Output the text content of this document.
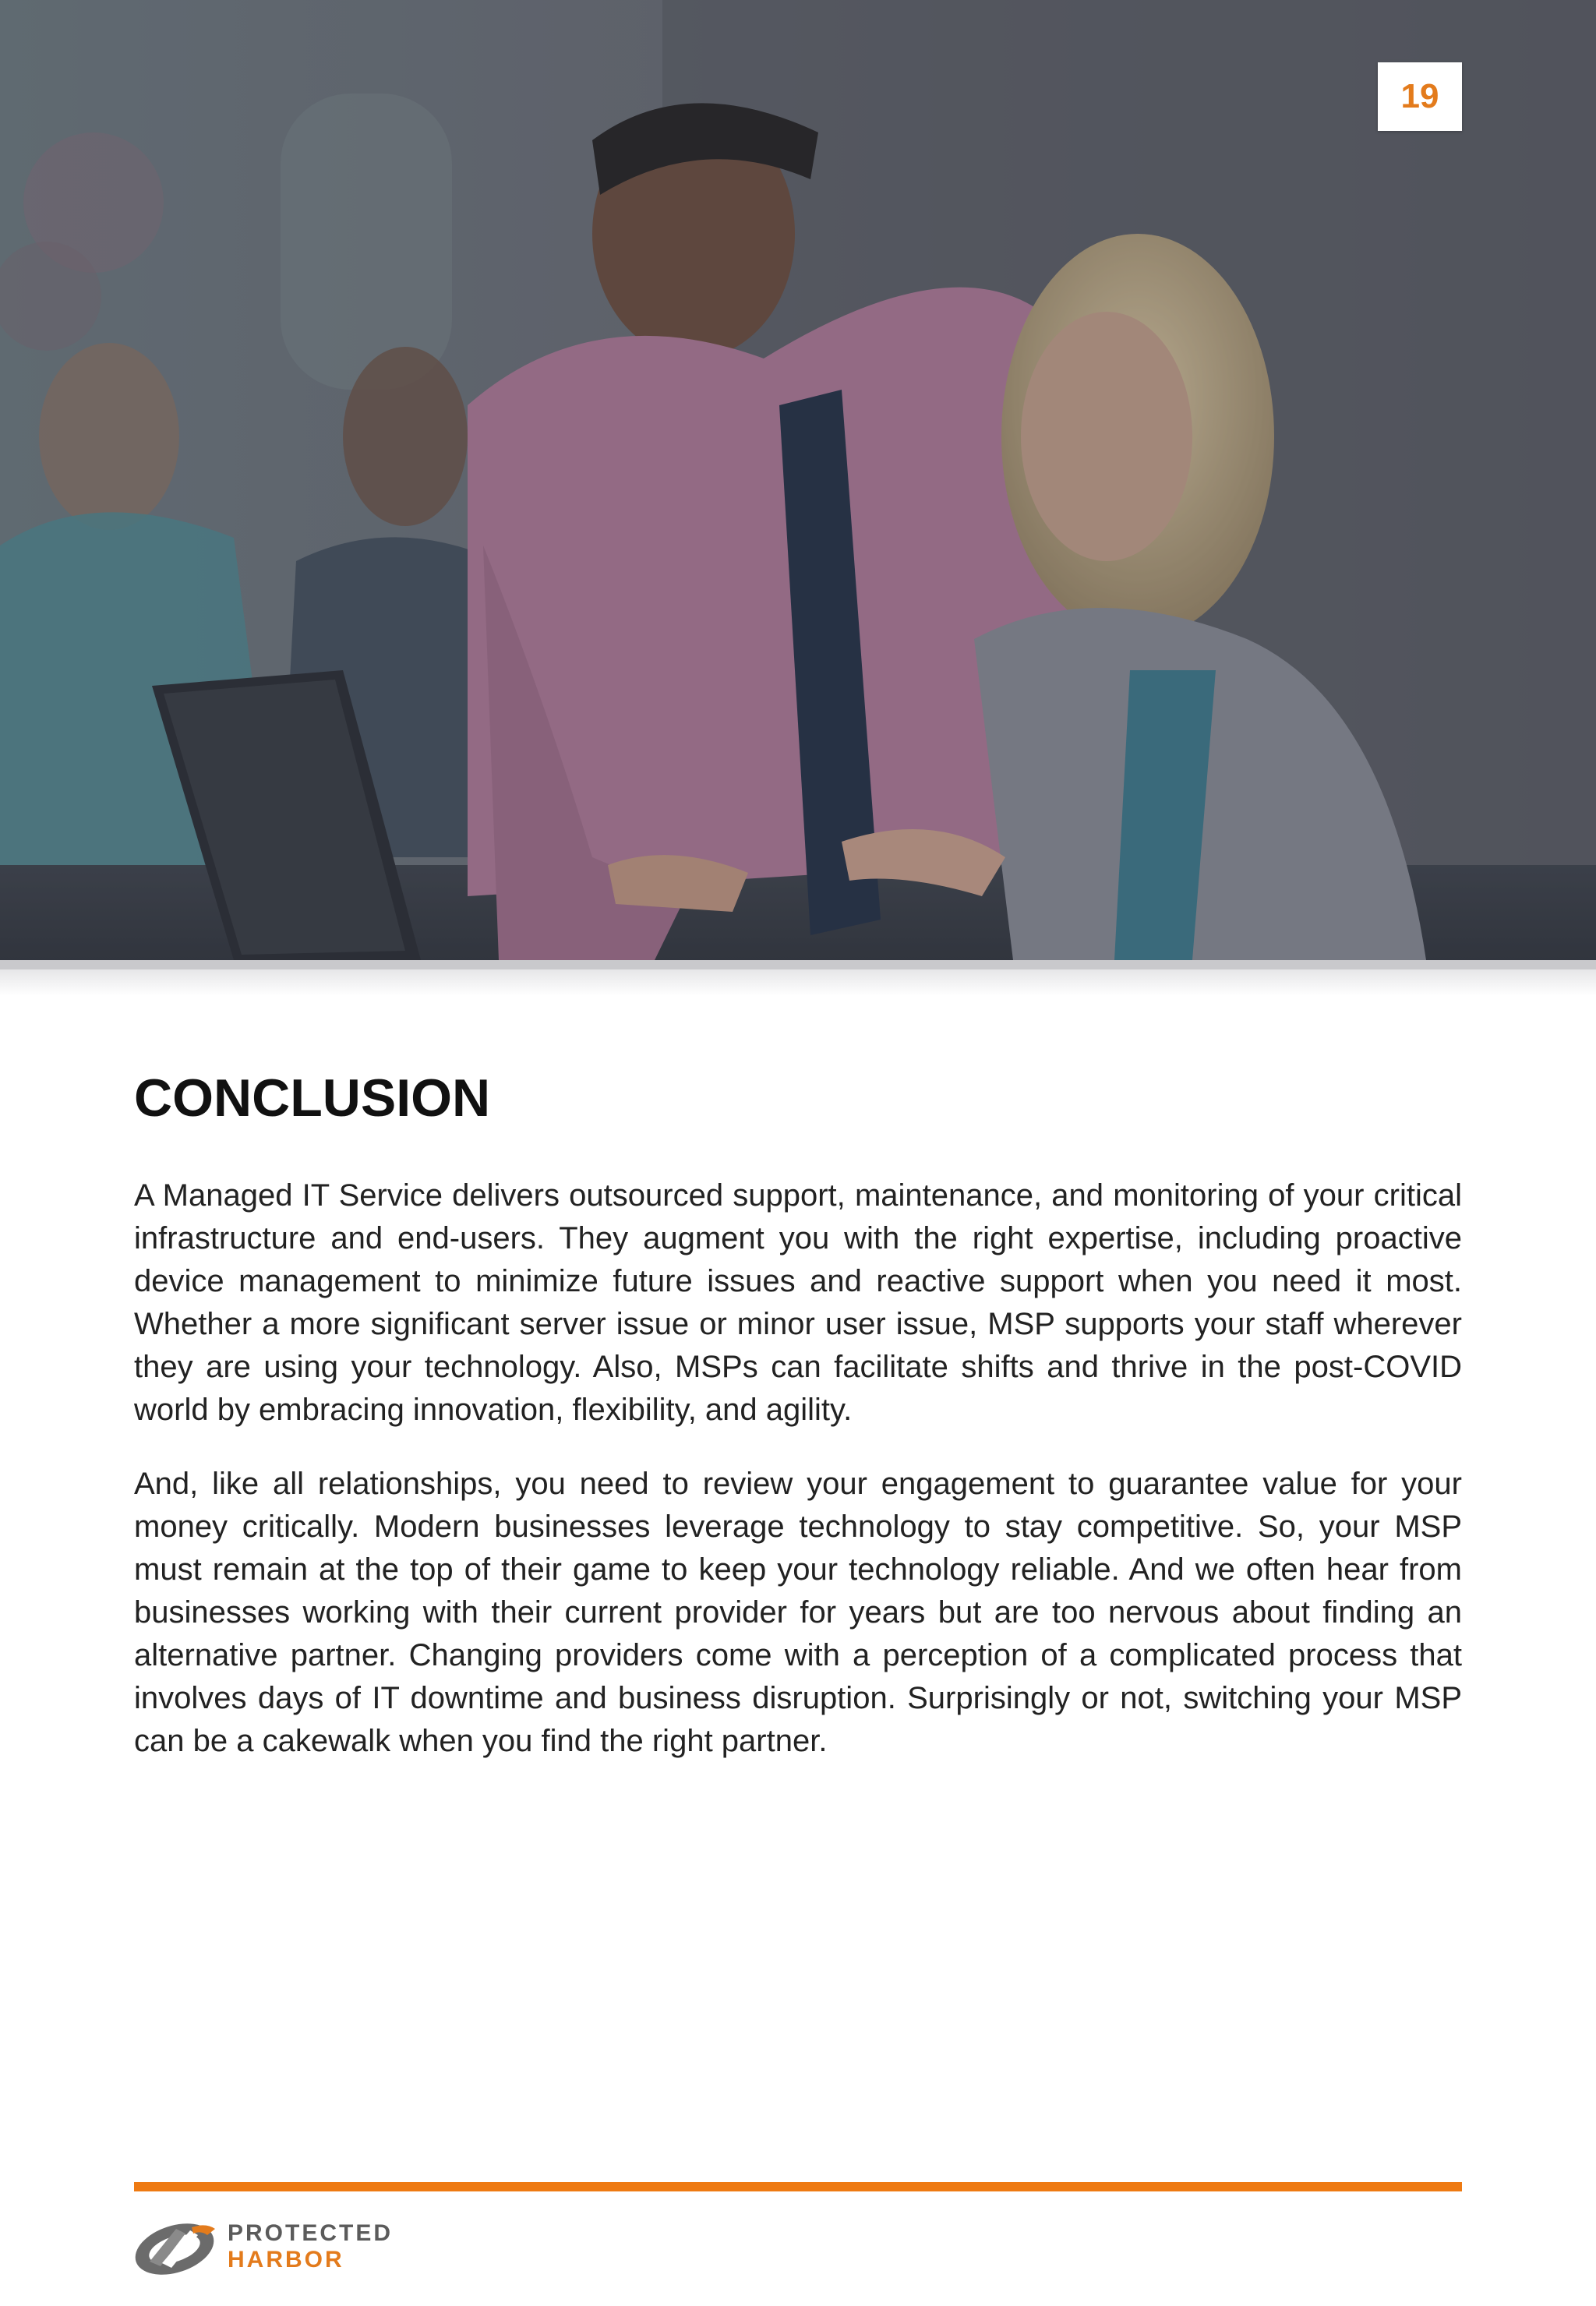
19
CONCLUSION

A Managed IT Service delivers outsourced support, maintenance, and monitoring of your critical infrastructure and end-users. They augment you with the right expertise, including proactive device management to minimize future issues and reactive support when you need it most. Whether a more significant server issue or minor user issue, MSP supports your staff wherever they are using your technology. Also, MSPs can facilitate shifts and thrive in the post-COVID world by embracing innovation, flexibility, and agility.

And, like all relationships, you need to review your engagement to guarantee value for your money critically. Modern businesses leverage technology to stay competitive. So, your MSP must remain at the top of their game to keep your technology reliable. And we often hear from businesses working with their current provider for years but are too nervous about finding an alternative partner. Changing providers come with a perception of a complicated process that involves days of IT downtime and business disruption. Surprisingly or not, switching your MSP can be a cakewalk when you find the right partner.

PROTECTED
HARBOR
